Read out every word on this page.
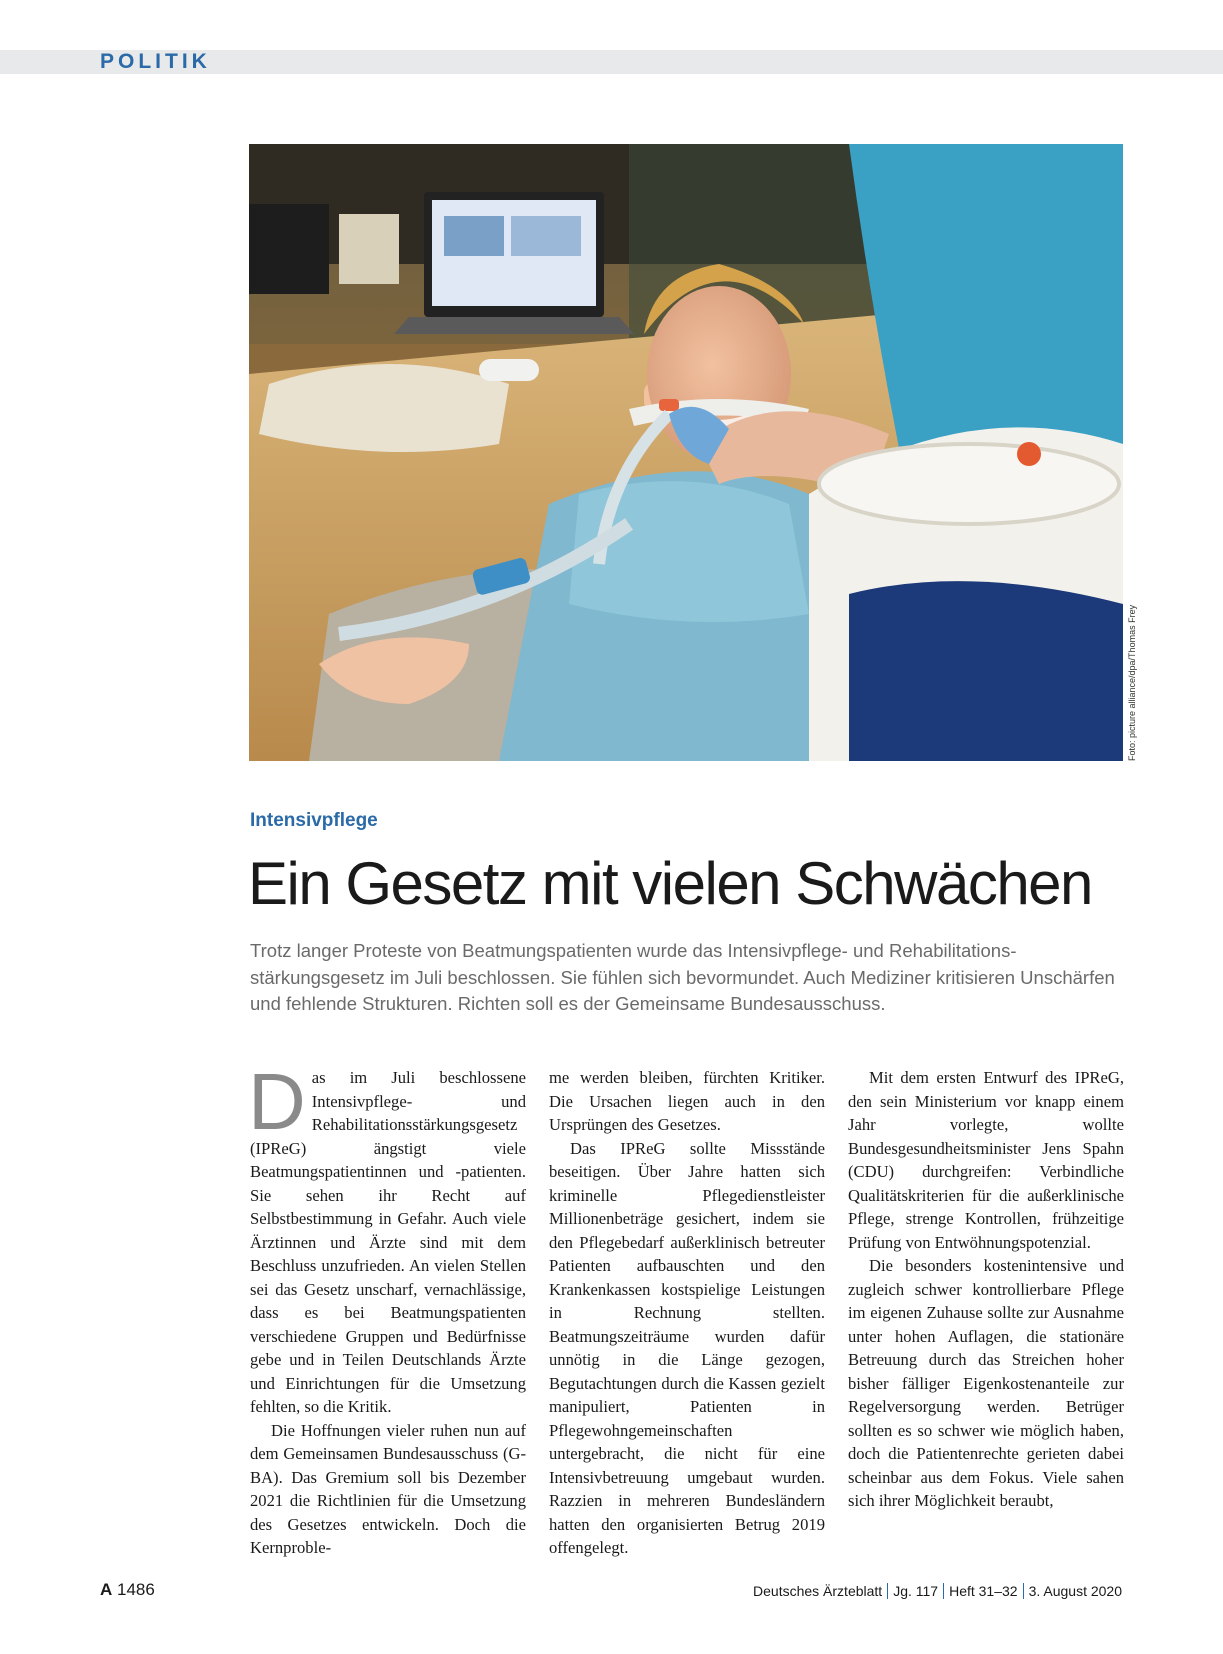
POLITIK
Foto: picture alliance/dpa/Thomas Frey
Intensivpflege
Ein Gesetz mit vielen Schwächen

Trotz langer Proteste von Beatmungspatienten wurde das Intensivpflege- und Rehabilitationsstärkungsgesetz im Juli beschlossen. Sie fühlen sich bevormundet. Auch Mediziner kritisieren Unschärfen und fehlende Strukturen. Richten soll es der Gemeinsame Bundesausschuss.

D as im Juli beschlossene Intensivpflege- und Rehabilitationsstärkungsgesetz (IPReG) ängstigt viele Beatmungspatientinnen und -patienten. Sie sehen ihr Recht auf Selbstbestimmung in Gefahr. Auch viele Ärztinnen und Ärzte sind mit dem Beschluss unzufrieden. An vielen Stellen sei das Gesetz unscharf, vernachlässige, dass es bei Beatmungspatienten verschiedene Gruppen und Bedürfnisse gebe und in Teilen Deutschlands Ärzte und Einrichtungen für die Umsetzung fehlten, so die Kritik.

Die Hoffnungen vieler ruhen nun auf dem Gemeinsamen Bundesausschuss (G-BA). Das Gremium soll bis Dezember 2021 die Richtlinien für die Umsetzung des Gesetzes entwickeln. Doch die Kernproble-

me werden bleiben, fürchten Kritiker. Die Ursachen liegen auch in den Ursprüngen des Gesetzes.

Das IPReG sollte Missstände beseitigen. Über Jahre hatten sich kriminelle Pflegedienstleister Millionenbeträge gesichert, indem sie den Pflegebedarf außerklinisch betreuter Patienten aufbauschten und den Krankenkassen kostspielige Leistungen in Rechnung stellten. Beatmungszeiträume wurden dafür unnötig in die Länge gezogen, Begutachtungen durch die Kassen gezielt manipuliert, Patienten in Pflegewohngemeinschaften untergebracht, die nicht für eine Intensivbetreuung umgebaut wurden. Razzien in mehreren Bundesländern hatten den organisierten Betrug 2019 offengelegt.

Mit dem ersten Entwurf des IPReG, den sein Ministerium vor knapp einem Jahr vorlegte, wollte Bundesgesundheitsminister Jens Spahn (CDU) durchgreifen: Verbindliche Qualitätskriterien für die außerklinische Pflege, strenge Kontrollen, frühzeitige Prüfung von Entwöhnungspotenzial.

Die besonders kostenintensive und zugleich schwer kontrollierbare Pflege im eigenen Zuhause sollte zur Ausnahme unter hohen Auflagen, die stationäre Betreuung durch das Streichen hoher bisher fälliger Eigenkostenanteile zur Regelversorgung werden. Betrüger sollten es so schwer wie möglich haben, doch die Patientenrechte gerieten dabei scheinbar aus dem Fokus. Viele sahen sich ihrer Möglichkeit beraubt,

A 1486	Deutsches Ärzteblatt Jg. 117 Heft 31–32 3. August 2020
